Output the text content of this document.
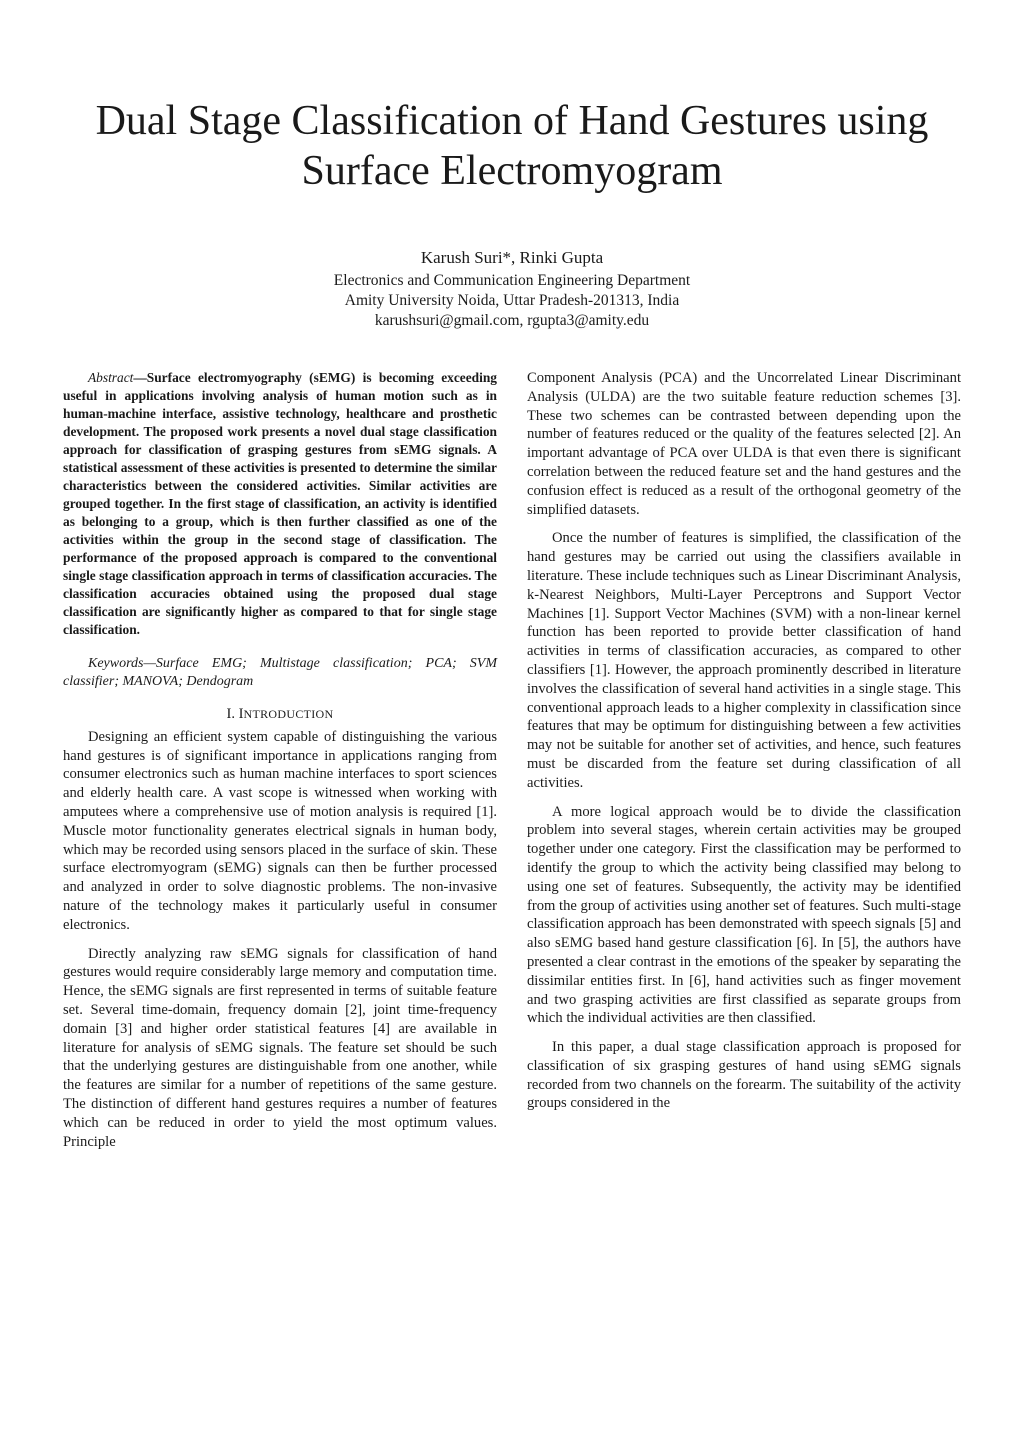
Dual Stage Classification of Hand Gestures using
Surface Electromyogram
Karush Suri*, Rinki Gupta
Electronics and Communication Engineering Department
Amity University Noida, Uttar Pradesh-201313, India
karushsuri@gmail.com, rgupta3@amity.edu
Abstract—Surface electromyography (sEMG) is becoming exceeding useful in applications involving analysis of human motion such as in human-machine interface, assistive technology, healthcare and prosthetic development. The proposed work presents a novel dual stage classification approach for classification of grasping gestures from sEMG signals. A statistical assessment of these activities is presented to determine the similar characteristics between the considered activities. Similar activities are grouped together. In the first stage of classification, an activity is identified as belonging to a group, which is then further classified as one of the activities within the group in the second stage of classification. The performance of the proposed approach is compared to the conventional single stage classification approach in terms of classification accuracies. The classification accuracies obtained using the proposed dual stage classification are significantly higher as compared to that for single stage classification.
Keywords—Surface EMG; Multistage classification; PCA; SVM classifier; MANOVA; Dendogram
I. INTRODUCTION

Designing an efficient system capable of distinguishing the various hand gestures is of significant importance in applications ranging from consumer electronics such as human machine interfaces to sport sciences and elderly health care. A vast scope is witnessed when working with amputees where a comprehensive use of motion analysis is required [1]. Muscle motor functionality generates electrical signals in human body, which may be recorded using sensors placed in the surface of skin. These surface electromyogram (sEMG) signals can then be further processed and analyzed in order to solve diagnostic problems. The non-invasive nature of the technology makes it particularly useful in consumer electronics.

Directly analyzing raw sEMG signals for classification of hand gestures would require considerably large memory and computation time. Hence, the sEMG signals are first represented in terms of suitable feature set. Several time-domain, frequency domain [2], joint time-frequency domain [3] and higher order statistical features [4] are available in literature for analysis of sEMG signals. The feature set should be such that the underlying gestures are distinguishable from one another, while the features are similar for a number of repetitions of the same gesture. The distinction of different hand gestures requires a number of features which can be reduced in order to yield the most optimum values. Principle

Component Analysis (PCA) and the Uncorrelated Linear Discriminant Analysis (ULDA) are the two suitable feature reduction schemes [3]. These two schemes can be contrasted between depending upon the number of features reduced or the quality of the features selected [2]. An important advantage of PCA over ULDA is that even there is significant correlation between the reduced feature set and the hand gestures and the confusion effect is reduced as a result of the orthogonal geometry of the simplified datasets.

Once the number of features is simplified, the classification of the hand gestures may be carried out using the classifiers available in literature. These include techniques such as Linear Discriminant Analysis, k-Nearest Neighbors, Multi-Layer Perceptrons and Support Vector Machines [1]. Support Vector Machines (SVM) with a non-linear kernel function has been reported to provide better classification of hand activities in terms of classification accuracies, as compared to other classifiers [1]. However, the approach prominently described in literature involves the classification of several hand activities in a single stage. This conventional approach leads to a higher complexity in classification since features that may be optimum for distinguishing between a few activities may not be suitable for another set of activities, and hence, such features must be discarded from the feature set during classification of all activities.

A more logical approach would be to divide the classification problem into several stages, wherein certain activities may be grouped together under one category. First the classification may be performed to identify the group to which the activity being classified may belong to using one set of features. Subsequently, the activity may be identified from the group of activities using another set of features. Such multi-stage classification approach has been demonstrated with speech signals [5] and also sEMG based hand gesture classification [6]. In [5], the authors have presented a clear contrast in the emotions of the speaker by separating the dissimilar entities first. In [6], hand activities such as finger movement and two grasping activities are first classified as separate groups from which the individual activities are then classified.

In this paper, a dual stage classification approach is proposed for classification of six grasping gestures of hand using sEMG signals recorded from two channels on the forearm. The suitability of the activity groups considered in the
